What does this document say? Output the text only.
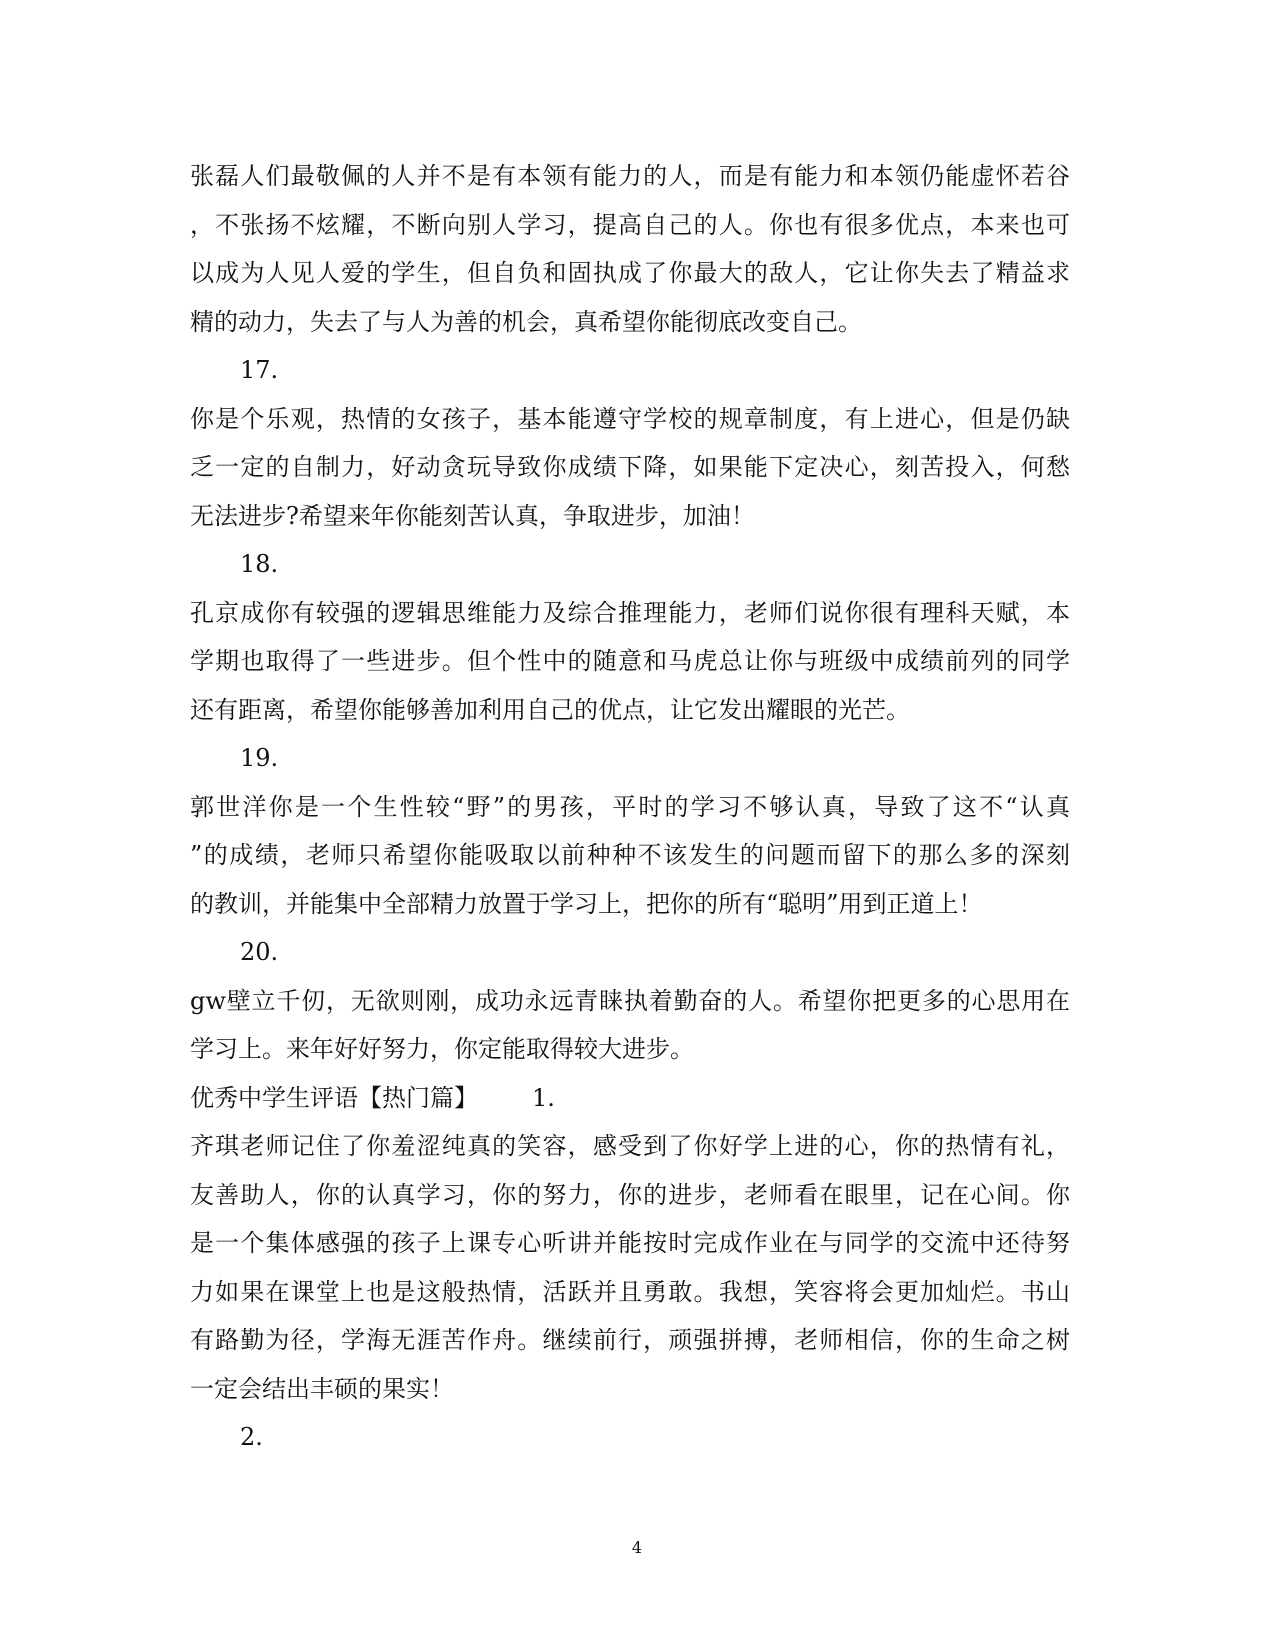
张磊人们最敬佩的人并不是有本领有能力的人，而是有能力和本领仍能虚怀若谷
，不张扬不炫耀，不断向别人学习，提高自己的人。你也有很多优点，本来也可
以成为人见人爱的学生，但自负和固执成了你最大的敌人，它让你失去了精益求
精的动力，失去了与人为善的机会，真希望你能彻底改变自己。
17.
你是个乐观，热情的女孩子，基本能遵守学校的规章制度，有上进心，但是仍缺
乏一定的自制力，好动贪玩导致你成绩下降，如果能下定决心，刻苦投入，何愁
无法进步?希望来年你能刻苦认真，争取进步，加油！
18.
孔京成你有较强的逻辑思维能力及综合推理能力，老师们说你很有理科天赋，本
学期也取得了一些进步。但个性中的随意和马虎总让你与班级中成绩前列的同学
还有距离，希望你能够善加利用自己的优点，让它发出耀眼的光芒。
19.
郭世洋你是一个生性较“野”的男孩，平时的学习不够认真，导致了这不“认真
”的成绩，老师只希望你能吸取以前种种不该发生的问题而留下的那么多的深刻
的教训，并能集中全部精力放置于学习上，把你的所有“聪明”用到正道上！
20.
gw壁立千仞，无欲则刚，成功永远青睐执着勤奋的人。希望你把更多的心思用在
学习上。来年好好努力，你定能取得较大进步。
优秀中学生评语【热门篇】 1.
齐琪老师记住了你羞涩纯真的笑容，感受到了你好学上进的心，你的热情有礼，
友善助人，你的认真学习，你的努力，你的进步，老师看在眼里，记在心间。你
是一个集体感强的孩子上课专心听讲并能按时完成作业在与同学的交流中还待努
力如果在课堂上也是这般热情，活跃并且勇敢。我想，笑容将会更加灿烂。书山
有路勤为径，学海无涯苦作舟。继续前行，顽强拼搏，老师相信，你的生命之树
一定会结出丰硕的果实！
2.
4
